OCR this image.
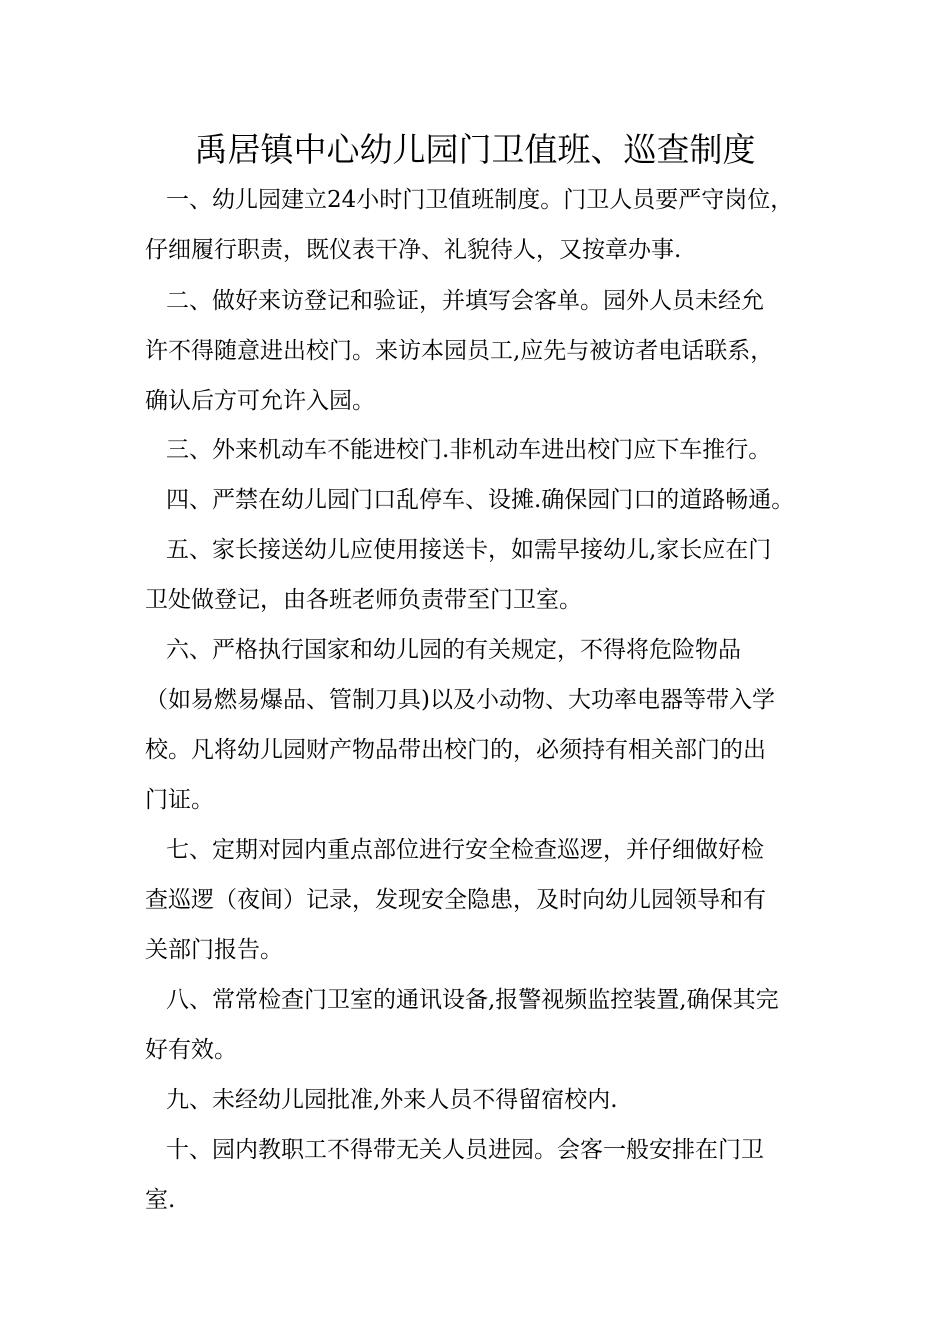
禹居镇中心幼儿园门卫值班、巡查制度
一、幼儿园建立24小时门卫值班制度。门卫人员要严守岗位，
仔细履行职责，既仪表干净、礼貌待人，又按章办事.
二、做好来访登记和验证，并填写会客单。园外人员未经允
许不得随意进出校门。来访本园员工,应先与被访者电话联系，
确认后方可允许入园。
三、外来机动车不能进校门.非机动车进出校门应下车推行。
四、严禁在幼儿园门口乱停车、设摊.确保园门口的道路畅通。
五、家长接送幼儿应使用接送卡，如需早接幼儿,家长应在门
卫处做登记，由各班老师负责带至门卫室。
六、严格执行国家和幼儿园的有关规定，不得将危险物品
（如易燃易爆品、管制刀具)以及小动物、大功率电器等带入学
校。凡将幼儿园财产物品带出校门的，必须持有相关部门的出
门证。
七、定期对园内重点部位进行安全检查巡逻，并仔细做好检
查巡逻（夜间）记录，发现安全隐患，及时向幼儿园领导和有
关部门报告。
八、常常检查门卫室的通讯设备,报警视频监控装置,确保其完
好有效。
九、未经幼儿园批准,外来人员不得留宿校内.
十、园内教职工不得带无关人员进园。会客一般安排在门卫
室.
